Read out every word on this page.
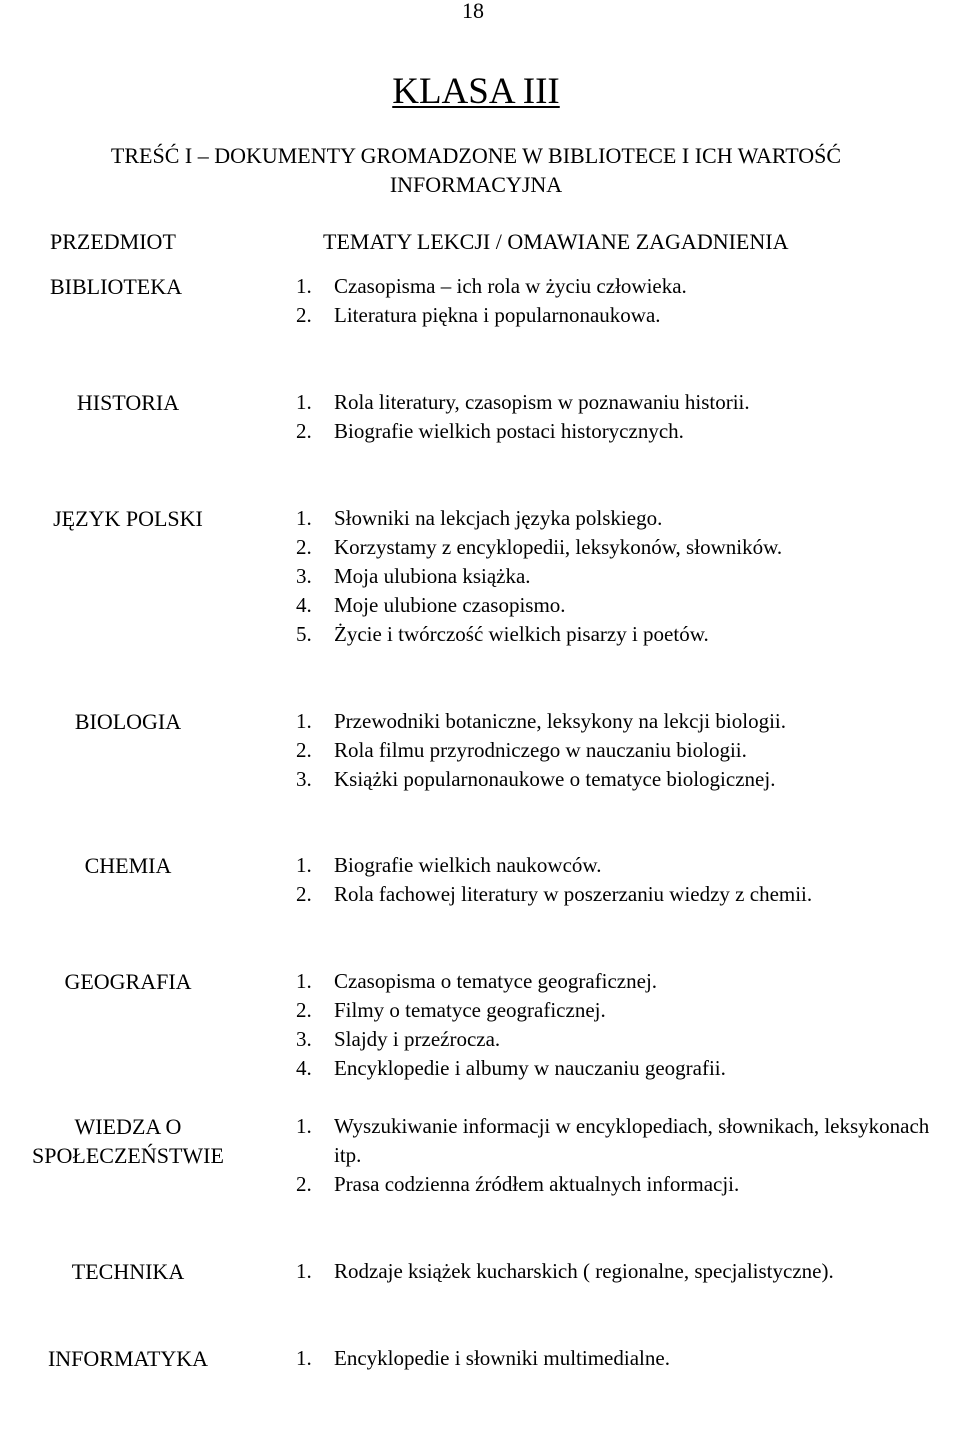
18
KLASA III
TREŚĆ I – DOKUMENTY GROMADZONE W BIBLIOTECE I ICH WARTOŚĆ
INFORMACYJNA
PRZEDMIOT	TEMATY LEKCJI / OMAWIANE ZAGADNIENIA
BIBLIOTEKA	1. Czasopisma – ich rola w życiu człowieka.
2. Literatura piękna i popularnonaukowa.
HISTORIA	1. Rola literatury, czasopism w poznawaniu historii.
2. Biografie wielkich postaci historycznych.
JĘZYK POLSKI	1. Słowniki na lekcjach języka polskiego.
2. Korzystamy z encyklopedii, leksykonów, słowników.
3. Moja ulubiona książka.
4. Moje ulubione czasopismo.
5. Życie i twórczość wielkich pisarzy i poetów.
BIOLOGIA	1. Przewodniki botaniczne, leksykony na lekcji biologii.
2. Rola filmu przyrodniczego w nauczaniu biologii.
3. Książki popularnonaukowe o tematyce biologicznej.
CHEMIA	1. Biografie wielkich naukowców.
2. Rola fachowej literatury w poszerzaniu wiedzy z chemii.
GEOGRAFIA	1. Czasopisma o tematyce geograficznej.
2. Filmy o tematyce geograficznej.
3. Slajdy i przeźrocza.
4. Encyklopedie i albumy w nauczaniu geografii.
WIEDZA O
SPOŁECZEŃSTWIE
1. Wyszukiwanie informacji w encyklopediach, słownikach, leksykonach itp.
2. Prasa codzienna źródłem aktualnych informacji.
TECHNIKA	1. Rodzaje książek kucharskich ( regionalne, specjalistyczne).
INFORMATYKA	1. Encyklopedie i słowniki multimedialne.
